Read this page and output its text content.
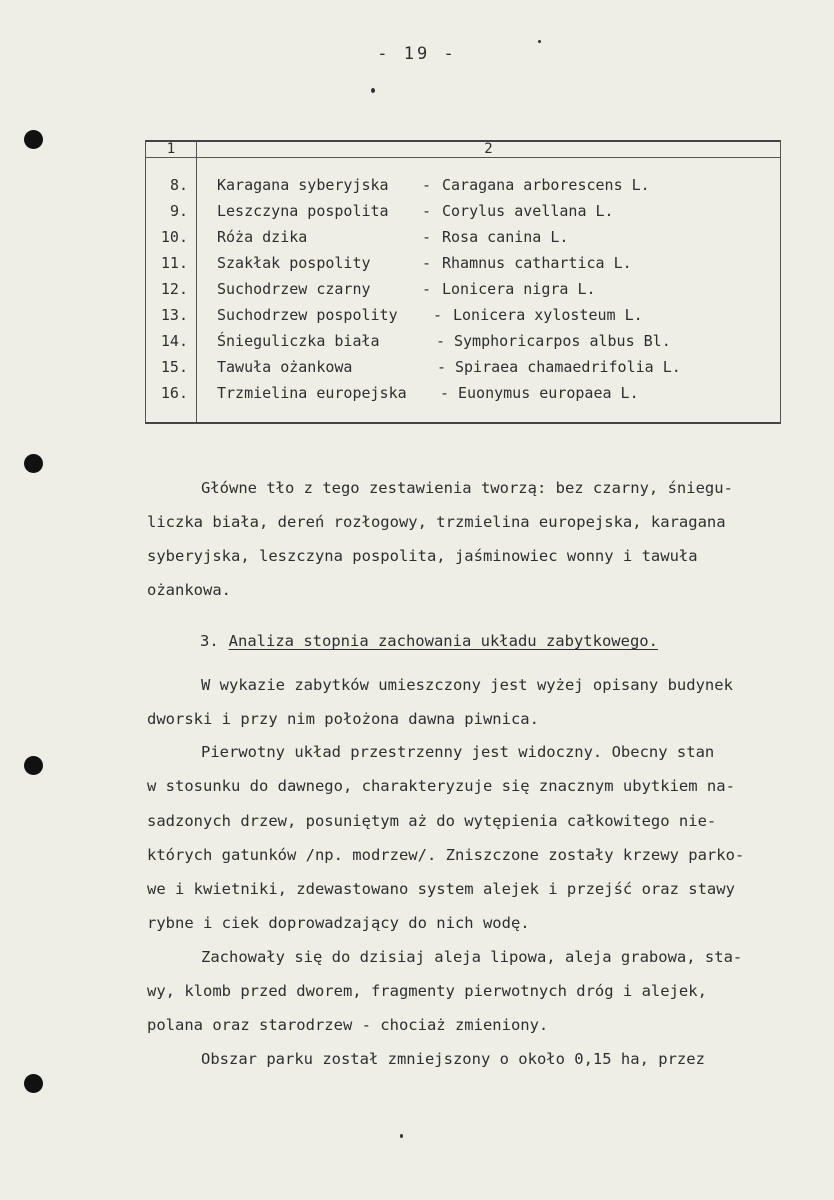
- 19 -
1	2
8. Karagana syberyjska - Caragana arborescens L.
9. Leszczyna pospolita - Corylus avellana L.
10. Róża dzika	- Rosa canina L.
11. Szakłak pospolity	- Rhamnus cathartica L.
12. Suchodrzew czarny	- Lonicera nigra L.
13. Suchodrzew pospolity - Lonicera xylosteum L.
14. Śnieguliczka biała	- Symphoricarpos albus Bl.
15. Tawuła ożankowa	- Spiraea chamaedrifolia L.
16. Trzmielina europejska - Euonymus europaea L.
Główne tło z tego zestawienia tworzą: bez czarny, śniegu-
liczka biała, dereń rozłogowy, trzmielina europejska, karagana
syberyjska, leszczyna pospolita, jaśminowiec wonny i tawuła
ożankowa.
3. Analiza stopnia zachowania układu zabytkowego.
W wykazie zabytków umieszczony jest wyżej opisany budynek
dworski i przy nim położona dawna piwnica.
Pierwotny układ przestrzenny jest widoczny. Obecny stan
w stosunku do dawnego, charakteryzuje się znacznym ubytkiem na-
sadzonych drzew, posuniętym aż do wytępienia całkowitego nie-
których gatunków /np. modrzew/. Zniszczone zostały krzewy parko-
we i kwietniki, zdewastowano system alejek i przejść oraz stawy
rybne i ciek doprowadzający do nich wodę.
Zachowały się do dzisiaj aleja lipowa, aleja grabowa, sta-
wy, klomb przed dworem, fragmenty pierwotnych dróg i alejek,
polana oraz starodrzew - chociaż zmieniony.
Obszar parku został zmniejszony o około 0,15 ha, przez
